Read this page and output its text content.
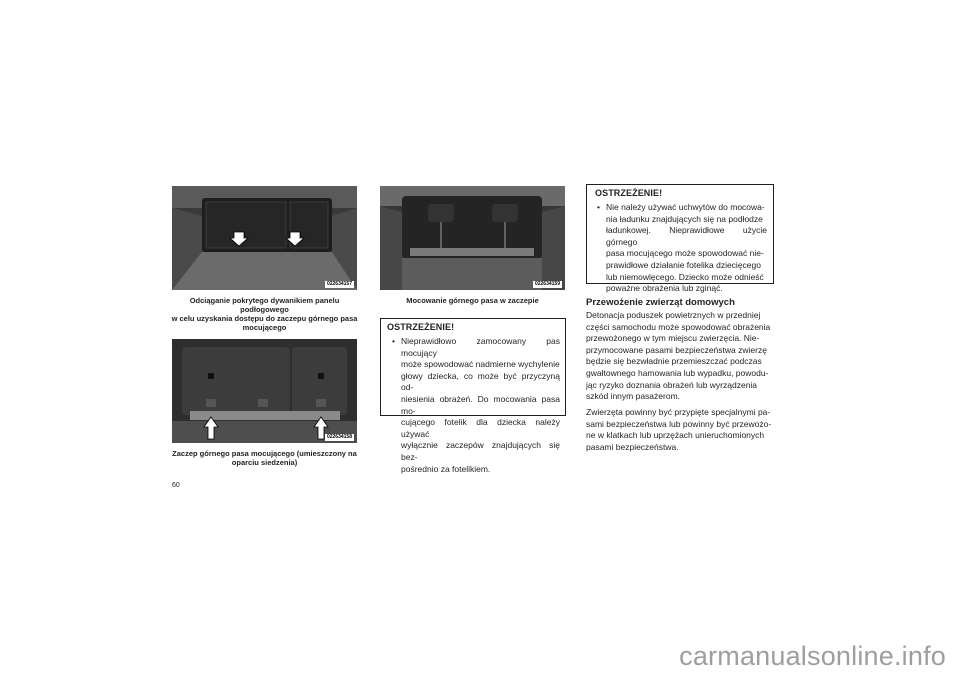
022634157
Odciąganie pokrytego dywanikiem panelu podłogowego
w celu uzyskania dostępu do zaczepu górnego pasa
mocującego
022634158
Zaczep górnego pasa mocującego (umieszczony na
oparciu siedzenia)
022634159
Mocowanie górnego pasa w zaczepie
OSTRZEŻENIE!
• Nieprawidłowo zamocowany pas mocujący
może spowodować nadmierne wychylenie
głowy dziecka, co może być przyczyną od-
niesienia obrażeń. Do mocowania pasa mo-
cującego fotelik dla dziecka należy używać
wyłącznie zaczepów znajdujących się bez-
pośrednio za fotelikiem.
OSTRZEŻENIE!
• Nie należy używać uchwytów do mocowa-
nia ładunku znajdujących się na podłodze
ładunkowej. Nieprawidłowe użycie górnego
pasa mocującego może spowodować nie-
prawidłowe działanie fotelika dziecięcego
lub niemowlęcego. Dziecko może odnieść
poważne obrażenia lub zginąć.
Przewożenie zwierząt domowych
Detonacja poduszek powietrznych w przedniej
części samochodu może spowodować obrażenia
przewożonego w tym miejscu zwierzęcia. Nie-
przymocowane pasami bezpieczeństwa zwierzę
będzie się bezwładnie przemieszczać podczas
gwałtownego hamowania lub wypadku, powodu-
jąc ryzyko doznania obrażeń lub wyrządzenia
szkód innym pasażerom.
Zwierzęta powinny być przypięte specjalnymi pa-
sami bezpieczeństwa lub powinny być przewożo-
ne w klatkach lub uprzężach unieruchomionych
pasami bezpieczeństwa.
60
carmanualsonline.info
